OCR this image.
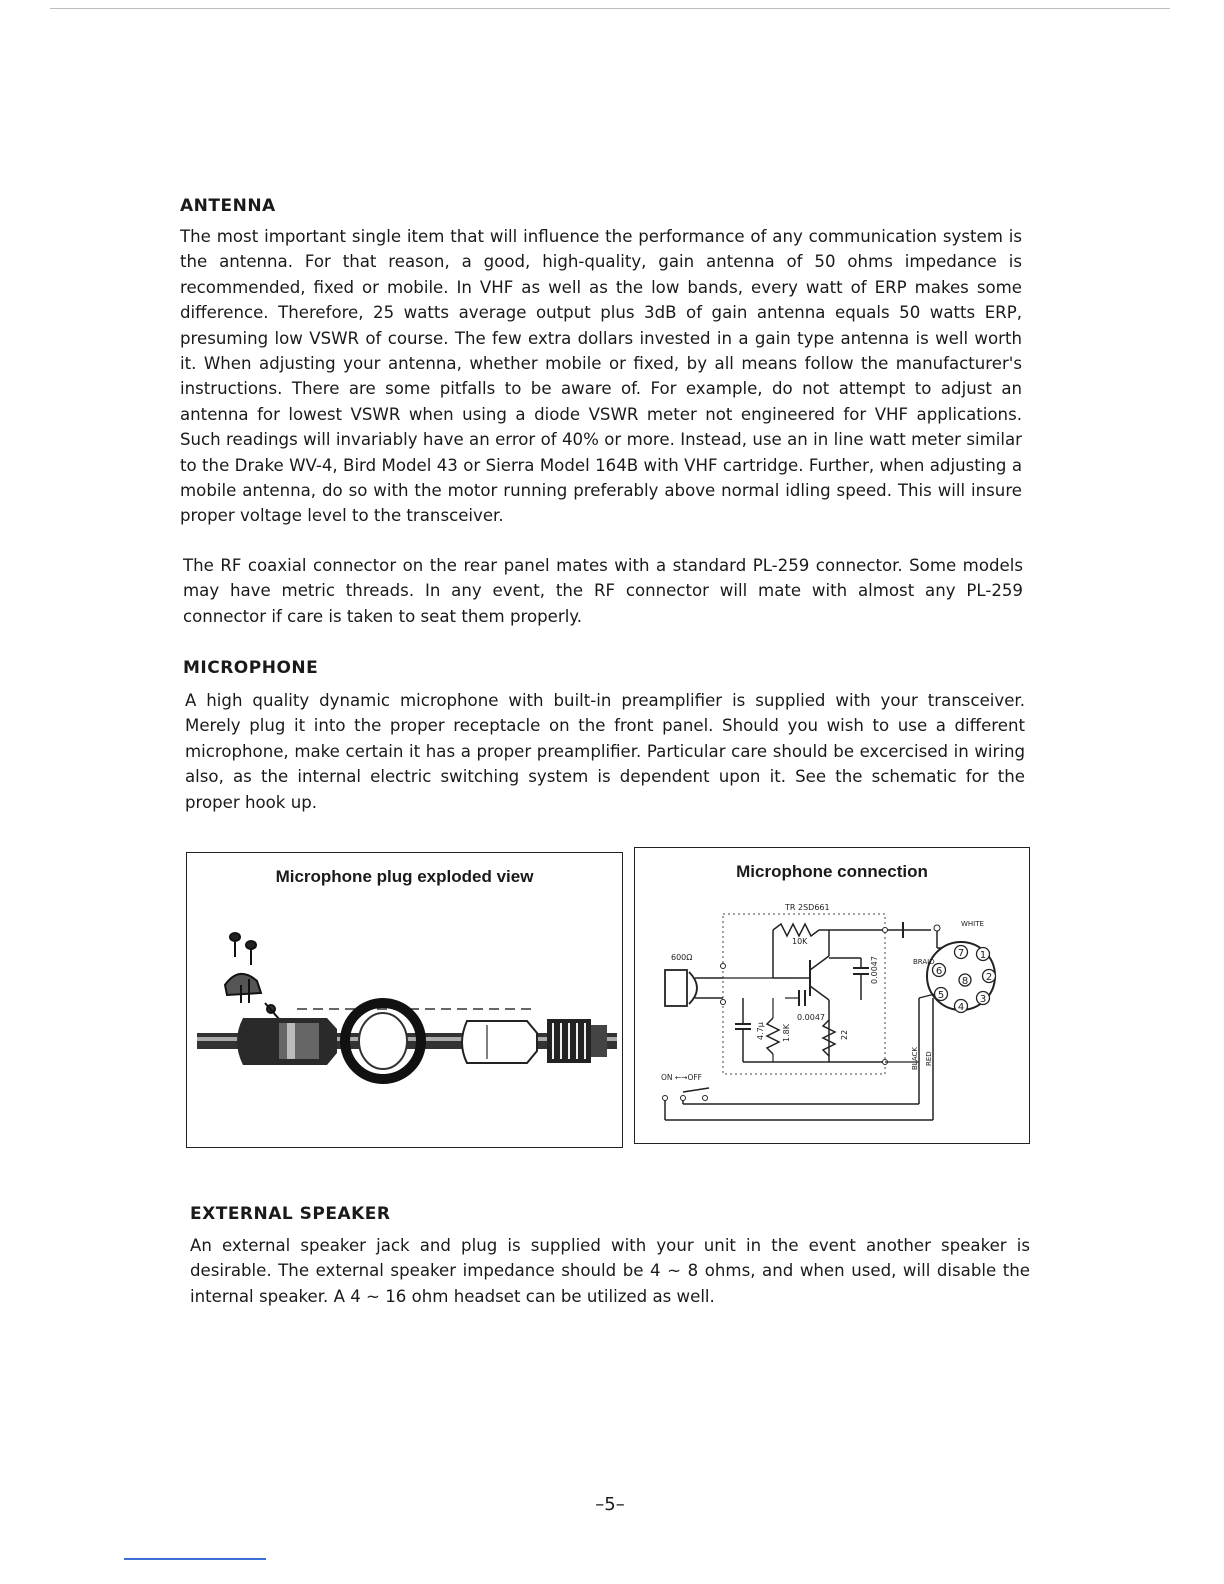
ANTENNA

The most important single item that will influence the performance of any communication system is the antenna. For that reason, a good, high-quality, gain antenna of 50 ohms impedance is recommended, fixed or mobile. In VHF as well as the low bands, every watt of ERP makes some difference. Therefore, 25 watts average output plus 3dB of gain antenna equals 50 watts ERP, presuming low VSWR of course. The few extra dollars invested in a gain type antenna is well worth it. When adjusting your antenna, whether mobile or fixed, by all means follow the manufacturer's instructions. There are some pitfalls to be aware of. For example, do not attempt to adjust an antenna for lowest VSWR when using a diode VSWR meter not engineered for VHF applications. Such readings will invariably have an error of 40% or more. Instead, use an in line watt meter similar to the Drake WV-4, Bird Model 43 or Sierra Model 164B with VHF cartridge. Further, when adjusting a mobile antenna, do so with the motor running preferably above normal idling speed. This will insure proper voltage level to the transceiver.

The RF coaxial connector on the rear panel mates with a standard PL-259 connector. Some models may have metric threads. In any event, the RF connector will mate with almost any PL-259 connector if care is taken to seat them properly.

MICROPHONE

A high quality dynamic microphone with built-in preamplifier is supplied with your transceiver. Merely plug it into the proper receptacle on the front panel. Should you wish to use a different microphone, make certain it has a proper preamplifier. Particular care should be excercised in wiring also, as the internal electric switching system is dependent upon it. See the schematic for the proper hook up.

Microphone plug exploded view	Microphone connection
TR 2SD661
10K
WHITE
600Ω	0.0047
0.0047
4.7μ 1.8K	22
1
2
3
4
5
6
7
8
BRAID
BLACK RED
ON ←→OFF
EXTERNAL SPEAKER

An external speaker jack and plug is supplied with your unit in the event another speaker is desirable. The external speaker impedance should be 4 ∼ 8 ohms, and when used, will disable the internal speaker. A 4 ∼ 16 ohm headset can be utilized as well.

–5–
